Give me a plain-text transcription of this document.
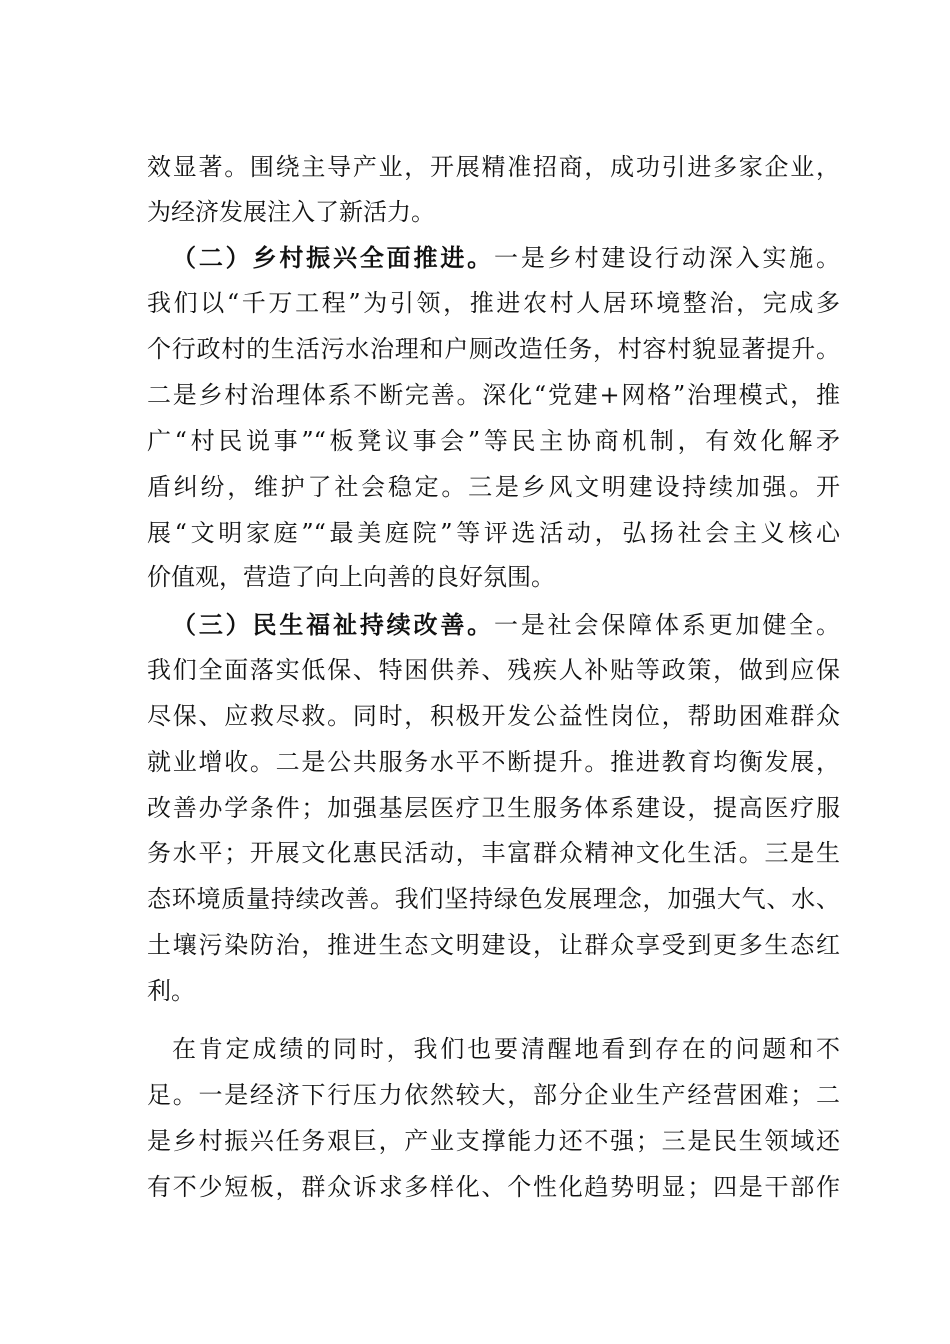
效显著。围绕主导产业，开展精准招商，成功引进多家企业，
为经济发展注入了新活力。
（二）乡村振兴全面推进。一是乡村建设行动深入实施。
我们以“千万工程”为引领，推进农村人居环境整治，完成多
个行政村的生活污水治理和户厕改造任务，村容村貌显著提升。
二是乡村治理体系不断完善。深化“党建+网格”治理模式，推
广“村民说事”“板凳议事会”等民主协商机制，有效化解矛
盾纠纷，维护了社会稳定。三是乡风文明建设持续加强。开
展“文明家庭”“最美庭院”等评选活动，弘扬社会主义核心
价值观，营造了向上向善的良好氛围。
（三）民生福祉持续改善。一是社会保障体系更加健全。
我们全面落实低保、特困供养、残疾人补贴等政策，做到应保
尽保、应救尽救。同时，积极开发公益性岗位，帮助困难群众
就业增收。二是公共服务水平不断提升。推进教育均衡发展，
改善办学条件；加强基层医疗卫生服务体系建设，提高医疗服
务水平；开展文化惠民活动，丰富群众精神文化生活。三是生
态环境质量持续改善。我们坚持绿色发展理念，加强大气、水、
土壤污染防治，推进生态文明建设，让群众享受到更多生态红
利。
在肯定成绩的同时，我们也要清醒地看到存在的问题和不
足。一是经济下行压力依然较大，部分企业生产经营困难；二
是乡村振兴任务艰巨，产业支撑能力还不强；三是民生领域还
有不少短板，群众诉求多样化、个性化趋势明显；四是干部作
